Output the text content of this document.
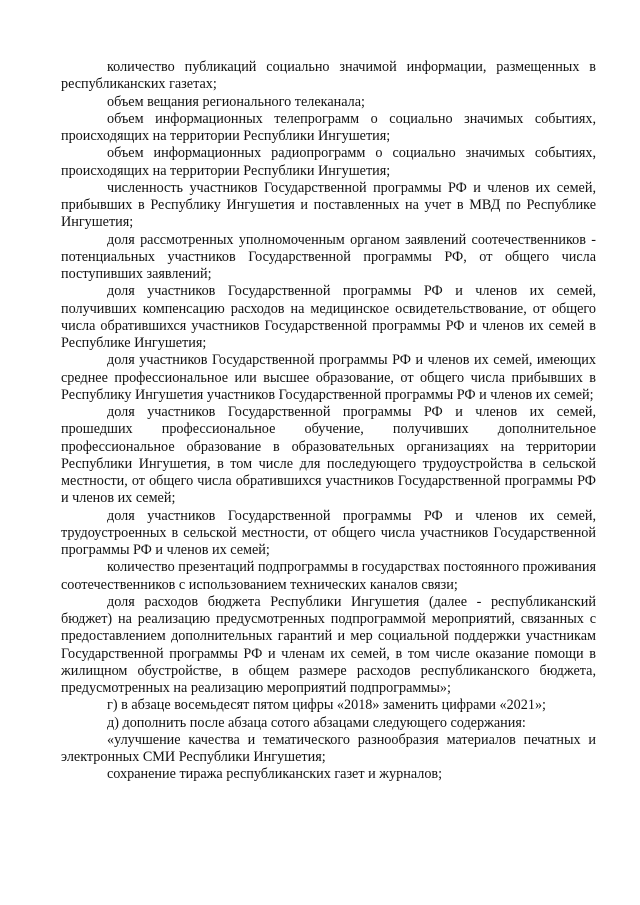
количество публикаций социально значимой информации, размещенных в республиканских газетах;

объем вещания регионального телеканала;

объем информационных телепрограмм о социально значимых событиях, происходящих на территории Республики Ингушетия;

объем информационных радиопрограмм о социально значимых событиях, происходящих на территории Республики Ингушетия;

численность участников Государственной программы РФ и членов их семей, прибывших в Республику Ингушетия и поставленных на учет в МВД по Республике Ингушетия;

доля рассмотренных уполномоченным органом заявлений соотечественников - потенциальных участников Государственной программы РФ, от общего числа поступивших заявлений;

доля участников Государственной программы РФ и членов их семей, получивших компенсацию расходов на медицинское освидетельствование, от общего числа обратившихся участников Государственной программы РФ и членов их семей в Республике Ингушетия;

доля участников Государственной программы РФ и членов их семей, имеющих среднее профессиональное или высшее образование, от общего числа прибывших в Республику Ингушетия участников Государственной программы РФ и членов их семей;

доля участников Государственной программы РФ и членов их семей, прошедших профессиональное обучение, получивших дополнительное профессиональное образование в образовательных организациях на территории Республики Ингушетия, в том числе для последующего трудоустройства в сельской местности, от общего числа обратившихся участников Государственной программы РФ и членов их семей;

доля участников Государственной программы РФ и членов их семей, трудоустроенных в сельской местности, от общего числа участников Государственной программы РФ и членов их семей;

количество презентаций подпрограммы в государствах постоянного проживания соотечественников с использованием технических каналов связи;

доля расходов бюджета Республики Ингушетия (далее - республиканский бюджет) на реализацию предусмотренных подпрограммой мероприятий, связанных с предоставлением дополнительных гарантий и мер социальной поддержки участникам Государственной программы РФ и членам их семей, в том числе оказание помощи в жилищном обустройстве, в общем размере расходов республиканского бюджета, предусмотренных на реализацию мероприятий подпрограммы»;

г) в абзаце восемьдесят пятом цифры «2018» заменить цифрами «2021»;

д) дополнить после абзаца сотого абзацами следующего содержания:

«улучшение качества и тематического разнообразия материалов печатных и электронных СМИ Республики Ингушетия;

сохранение тиража республиканских газет и журналов;
